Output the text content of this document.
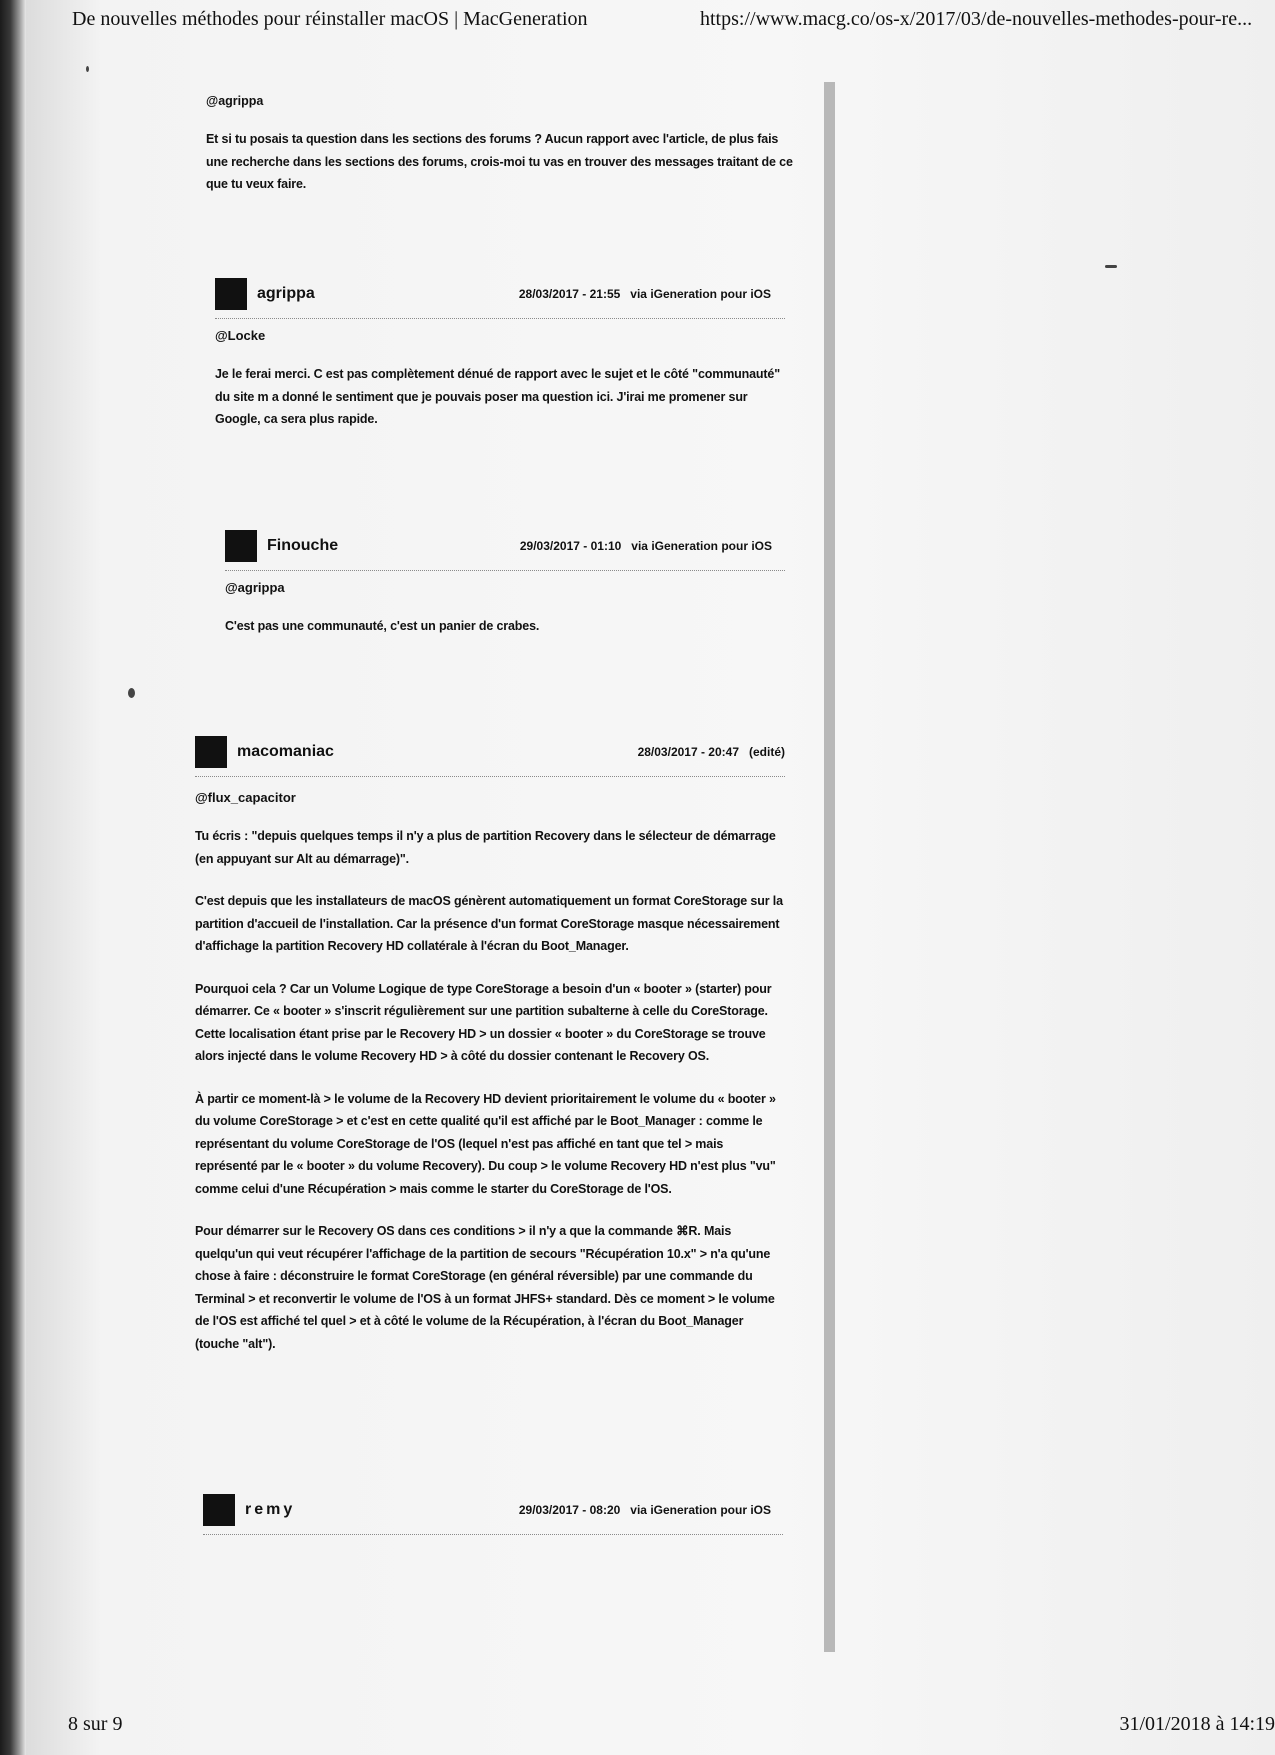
De nouvelles méthodes pour réinstaller macOS | MacGeneration	https://www.macg.co/os-x/2017/03/de-nouvelles-methodes-pour-re...

@agrippa

Et si tu posais ta question dans les sections des forums ? Aucun rapport avec l'article, de plus fais une recherche dans les sections des forums, crois-moi tu vas en trouver des messages traitant de ce que tu veux faire.

agrippa	28/03/2017 - 21:55 via iGeneration pour iOS

@Locke

Je le ferai merci. C est pas complètement dénué de rapport avec le sujet et le côté "communauté" du site m a donné le sentiment que je pouvais poser ma question ici. J'irai me promener sur Google, ca sera plus rapide.

Finouche	29/03/2017 - 01:10 via iGeneration pour iOS

@agrippa

C'est pas une communauté, c'est un panier de crabes.

macomaniac	28/03/2017 - 20:47 (edité)

@flux_capacitor

Tu écris : "depuis quelques temps il n'y a plus de partition Recovery dans le sélecteur de démarrage (en appuyant sur Alt au démarrage)".

C'est depuis que les installateurs de macOS génèrent automatiquement un format CoreStorage sur la partition d'accueil de l'installation. Car la présence d'un format CoreStorage masque nécessairement d'affichage la partition Recovery HD collatérale à l'écran du Boot_Manager.

Pourquoi cela ? Car un Volume Logique de type CoreStorage a besoin d'un « booter » (starter) pour démarrer. Ce « booter » s'inscrit régulièrement sur une partition subalterne à celle du CoreStorage. Cette localisation étant prise par le Recovery HD > un dossier « booter » du CoreStorage se trouve alors injecté dans le volume Recovery HD > à côté du dossier contenant le Recovery OS.

À partir ce moment-là > le volume de la Recovery HD devient prioritairement le volume du « booter » du volume CoreStorage > et c'est en cette qualité qu'il est affiché par le Boot_Manager : comme le représentant du volume CoreStorage de l'OS (lequel n'est pas affiché en tant que tel > mais représenté par le « booter » du volume Recovery). Du coup > le volume Recovery HD n'est plus "vu" comme celui d'une Récupération > mais comme le starter du CoreStorage de l'OS.

Pour démarrer sur le Recovery OS dans ces conditions > il n'y a que la commande ⌘R. Mais quelqu'un qui veut récupérer l'affichage de la partition de secours "Récupération 10.x" > n'a qu'une chose à faire : déconstruire le format CoreStorage (en général réversible) par une commande du Terminal > et reconvertir le volume de l'OS à un format JHFS+ standard. Dès ce moment > le volume de l'OS est affiché tel quel > et à côté le volume de la Récupération, à l'écran du Boot_Manager (touche "alt").

remy	29/03/2017 - 08:20 via iGeneration pour iOS
8 sur 9	31/01/2018 à 14:19
